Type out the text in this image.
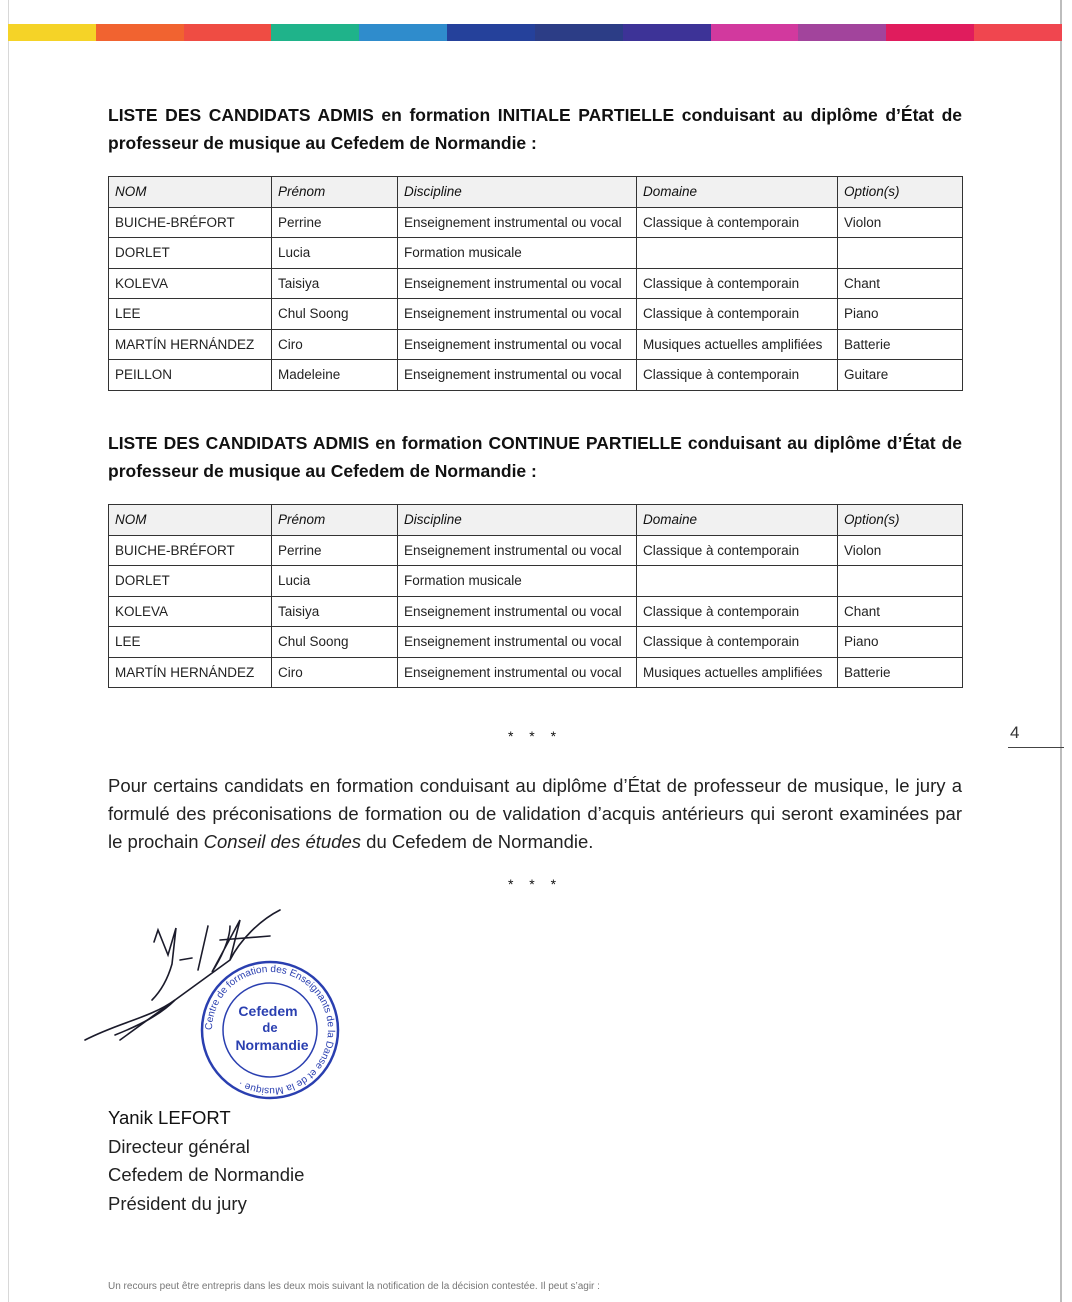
LISTE DES CANDIDATS ADMIS en formation INITIALE PARTIELLE conduisant au diplôme d’État de professeur de musique au Cefedem de Normandie :
NOM	Prénom	Discipline	Domaine	Option(s)
BUICHE-BRÉFORT	Perrine	Enseignement instrumental ou vocal	Classique à contemporain	Violon
DORLET	Lucia	Formation musicale		
KOLEVA	Taisiya	Enseignement instrumental ou vocal	Classique à contemporain	Chant
LEE	Chul Soong	Enseignement instrumental ou vocal	Classique à contemporain	Piano
MARTÍN HERNÁNDEZ	Ciro	Enseignement instrumental ou vocal	Musiques actuelles amplifiées	Batterie
PEILLON	Madeleine	Enseignement instrumental ou vocal	Classique à contemporain	Guitare
LISTE DES CANDIDATS ADMIS en formation CONTINUE PARTIELLE conduisant au diplôme d’État de professeur de musique au Cefedem de Normandie :
NOM	Prénom	Discipline	Domaine	Option(s)
BUICHE-BRÉFORT	Perrine	Enseignement instrumental ou vocal	Classique à contemporain	Violon
DORLET	Lucia	Formation musicale		
KOLEVA	Taisiya	Enseignement instrumental ou vocal	Classique à contemporain	Chant
LEE	Chul Soong	Enseignement instrumental ou vocal	Classique à contemporain	Piano
MARTÍN HERNÁNDEZ	Ciro	Enseignement instrumental ou vocal	Musiques actuelles amplifiées	Batterie
* * *	4
Pour certains candidats en formation conduisant au diplôme d’État de professeur de musique, le jury a formulé des préconisations de formation ou de validation d’acquis antérieurs qui seront examinées par le prochain Conseil des études du Cefedem de Normandie.
* * *
Centre de formation des Enseignants de la Danse et de la Musique ·
Cefedem
de
Normandie
Yanik LEFORT
Directeur général
Cefedem de Normandie
Président du jury
Un recours peut être entrepris dans les deux mois suivant la notification de la décision contestée. Il peut s’agir :
